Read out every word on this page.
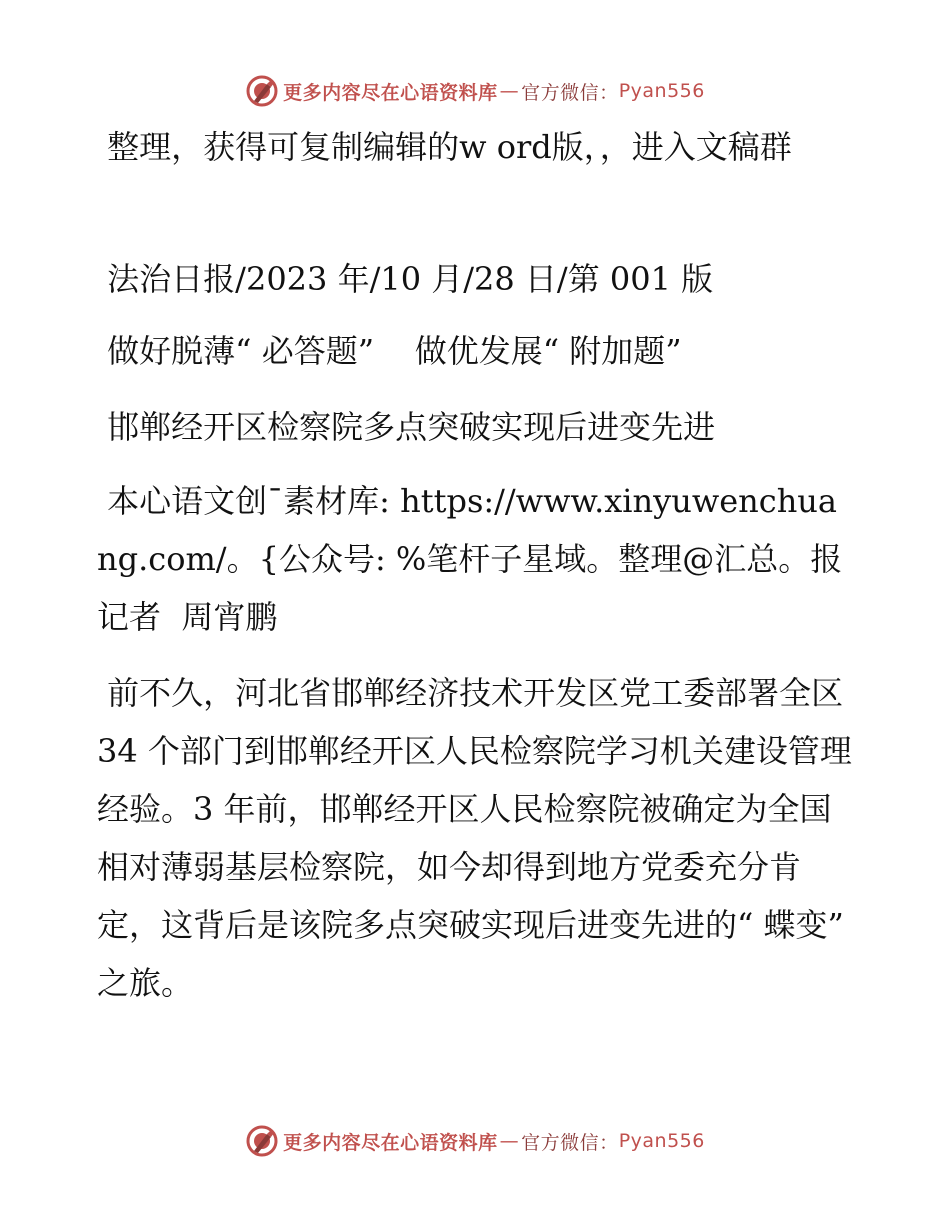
更多内容尽在心语资料库 — 官方微信： Pyan556

整理，获得可复制编辑的w ord版，，进入文稿群

法治日报/2023 年/10 月/28 日/第 001 版

做好脱薄“ 必答题”    做优发展“ 附加题”

邯郸经开区检察院多点突破实现后进变先进

本心语文创¯素材库: https://www.xinyuwenchuang.com/。{公众号: %笔杆子星域。整理@汇总。报记者  周宵鹏

前不久，河北省邯郸经济技术开发区党工委部署全区 34 个部门到邯郸经开区人民检察院学习机关建设管理经验。3 年前，邯郸经开区人民检察院被确定为全国相对薄弱基层检察院，如今却得到地方党委充分肯定，这背后是该院多点突破实现后进变先进的“ 蝶变” 之旅。

更多内容尽在心语资料库 — 官方微信： Pyan556
